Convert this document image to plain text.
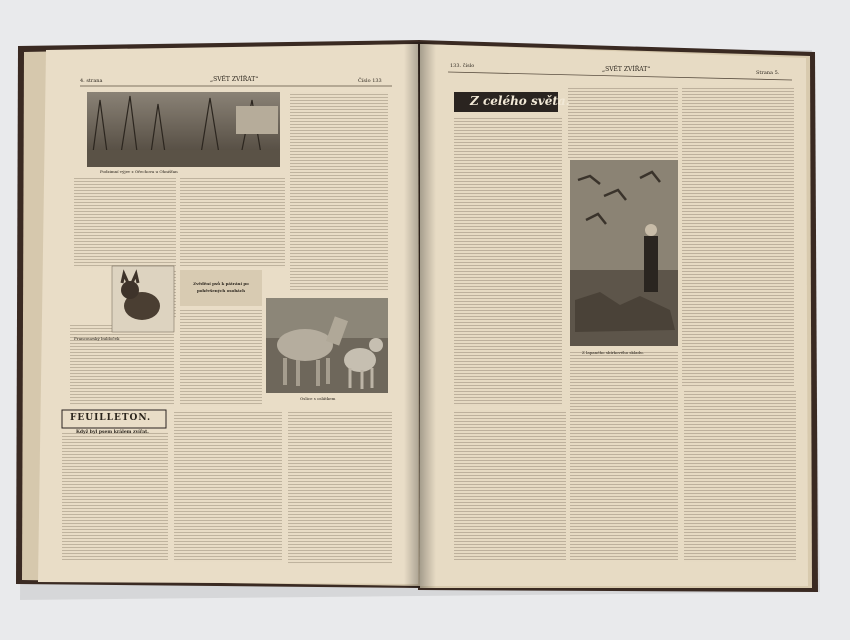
4. strana	„SVĚT ZVÍŘAT“	Číslo 133
Podzimní výjev z Ořechova u Ohnišťan
Francouzský buldoček
Zvědění psů k pátrání po pohřešených osobách
Oslice s oslátkem
FEUILLETON.
Když byl psem králem zvířat.
133. číslo	„SVĚT ZVÍŘAT“	Strana 5.
Z celého světa.
Z lapaného sbírkového skladu.
